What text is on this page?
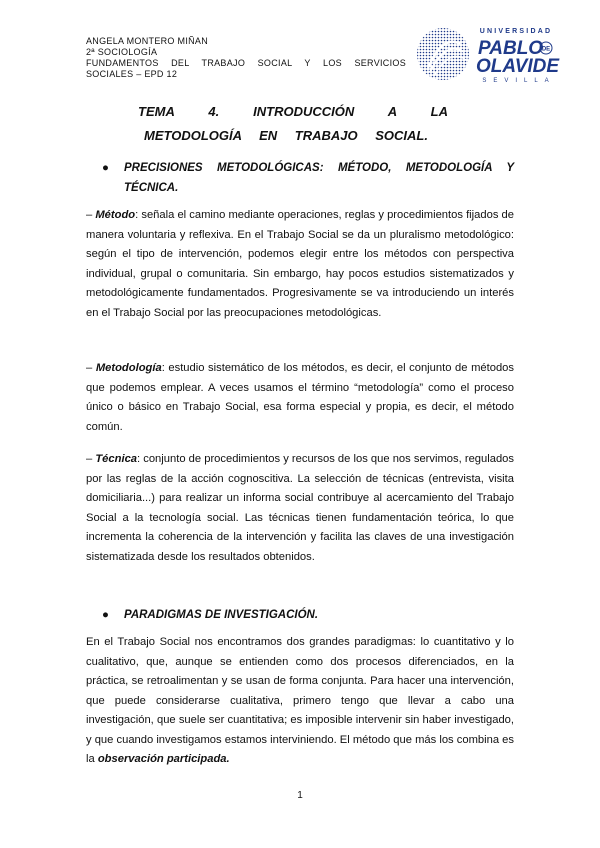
ANGELA MONTERO MIÑAN
2ª SOCIOLOGÍA
FUNDAMENTOS DEL TRABAJO SOCIAL Y LOS SERVICIOS
SOCIALES – EPD 12
UNIVERSIDAD
PABLO
DE
OLAVIDE
SEVILLA
TEMA 4. INTRODUCCIÓN A LA
METODOLOGÍA EN TRABAJO SOCIAL.
● PRECISIONES METODOLÓGICAS: MÉTODO, METODOLOGÍA Y TÉCNICA.
– Método: señala el camino mediante operaciones, reglas y procedimientos fijados de manera voluntaria y reflexiva. En el Trabajo Social se da un pluralismo metodológico: según el tipo de intervención, podemos elegir entre los métodos con perspectiva individual, grupal o comunitaria. Sin embargo, hay pocos estudios sistematizados y metodológicamente fundamentados. Progresivamente se va introduciendo un interés en el Trabajo Social por las preocupaciones metodológicas.
– Metodología: estudio sistemático de los métodos, es decir, el conjunto de métodos que podemos emplear. A veces usamos el término “metodología” como el proceso único o básico en Trabajo Social, esa forma especial y propia, es decir, el método común.
– Técnica: conjunto de procedimientos y recursos de los que nos servimos, regulados por las reglas de la acción cognoscitiva. La selección de técnicas (entrevista, visita domiciliaria...) para realizar un informa social contribuye al acercamiento del Trabajo Social a la tecnología social. Las técnicas tienen fundamentación teórica, lo que incrementa la coherencia de la intervención y facilita las claves de una investigación sistematizada desde los resultados obtenidos.
● PARADIGMAS DE INVESTIGACIÓN.
En el Trabajo Social nos encontramos dos grandes paradigmas: lo cuantitativo y lo cualitativo, que, aunque se entienden como dos procesos diferenciados, en la práctica, se retroalimentan y se usan de forma conjunta. Para hacer una intervención, que puede considerarse cualitativa, primero tengo que llevar a cabo una investigación, que suele ser cuantitativa; es imposible intervenir sin haber investigado, y que cuando investigamos estamos interviniendo. El método que más los combina es la observación participada.
1
